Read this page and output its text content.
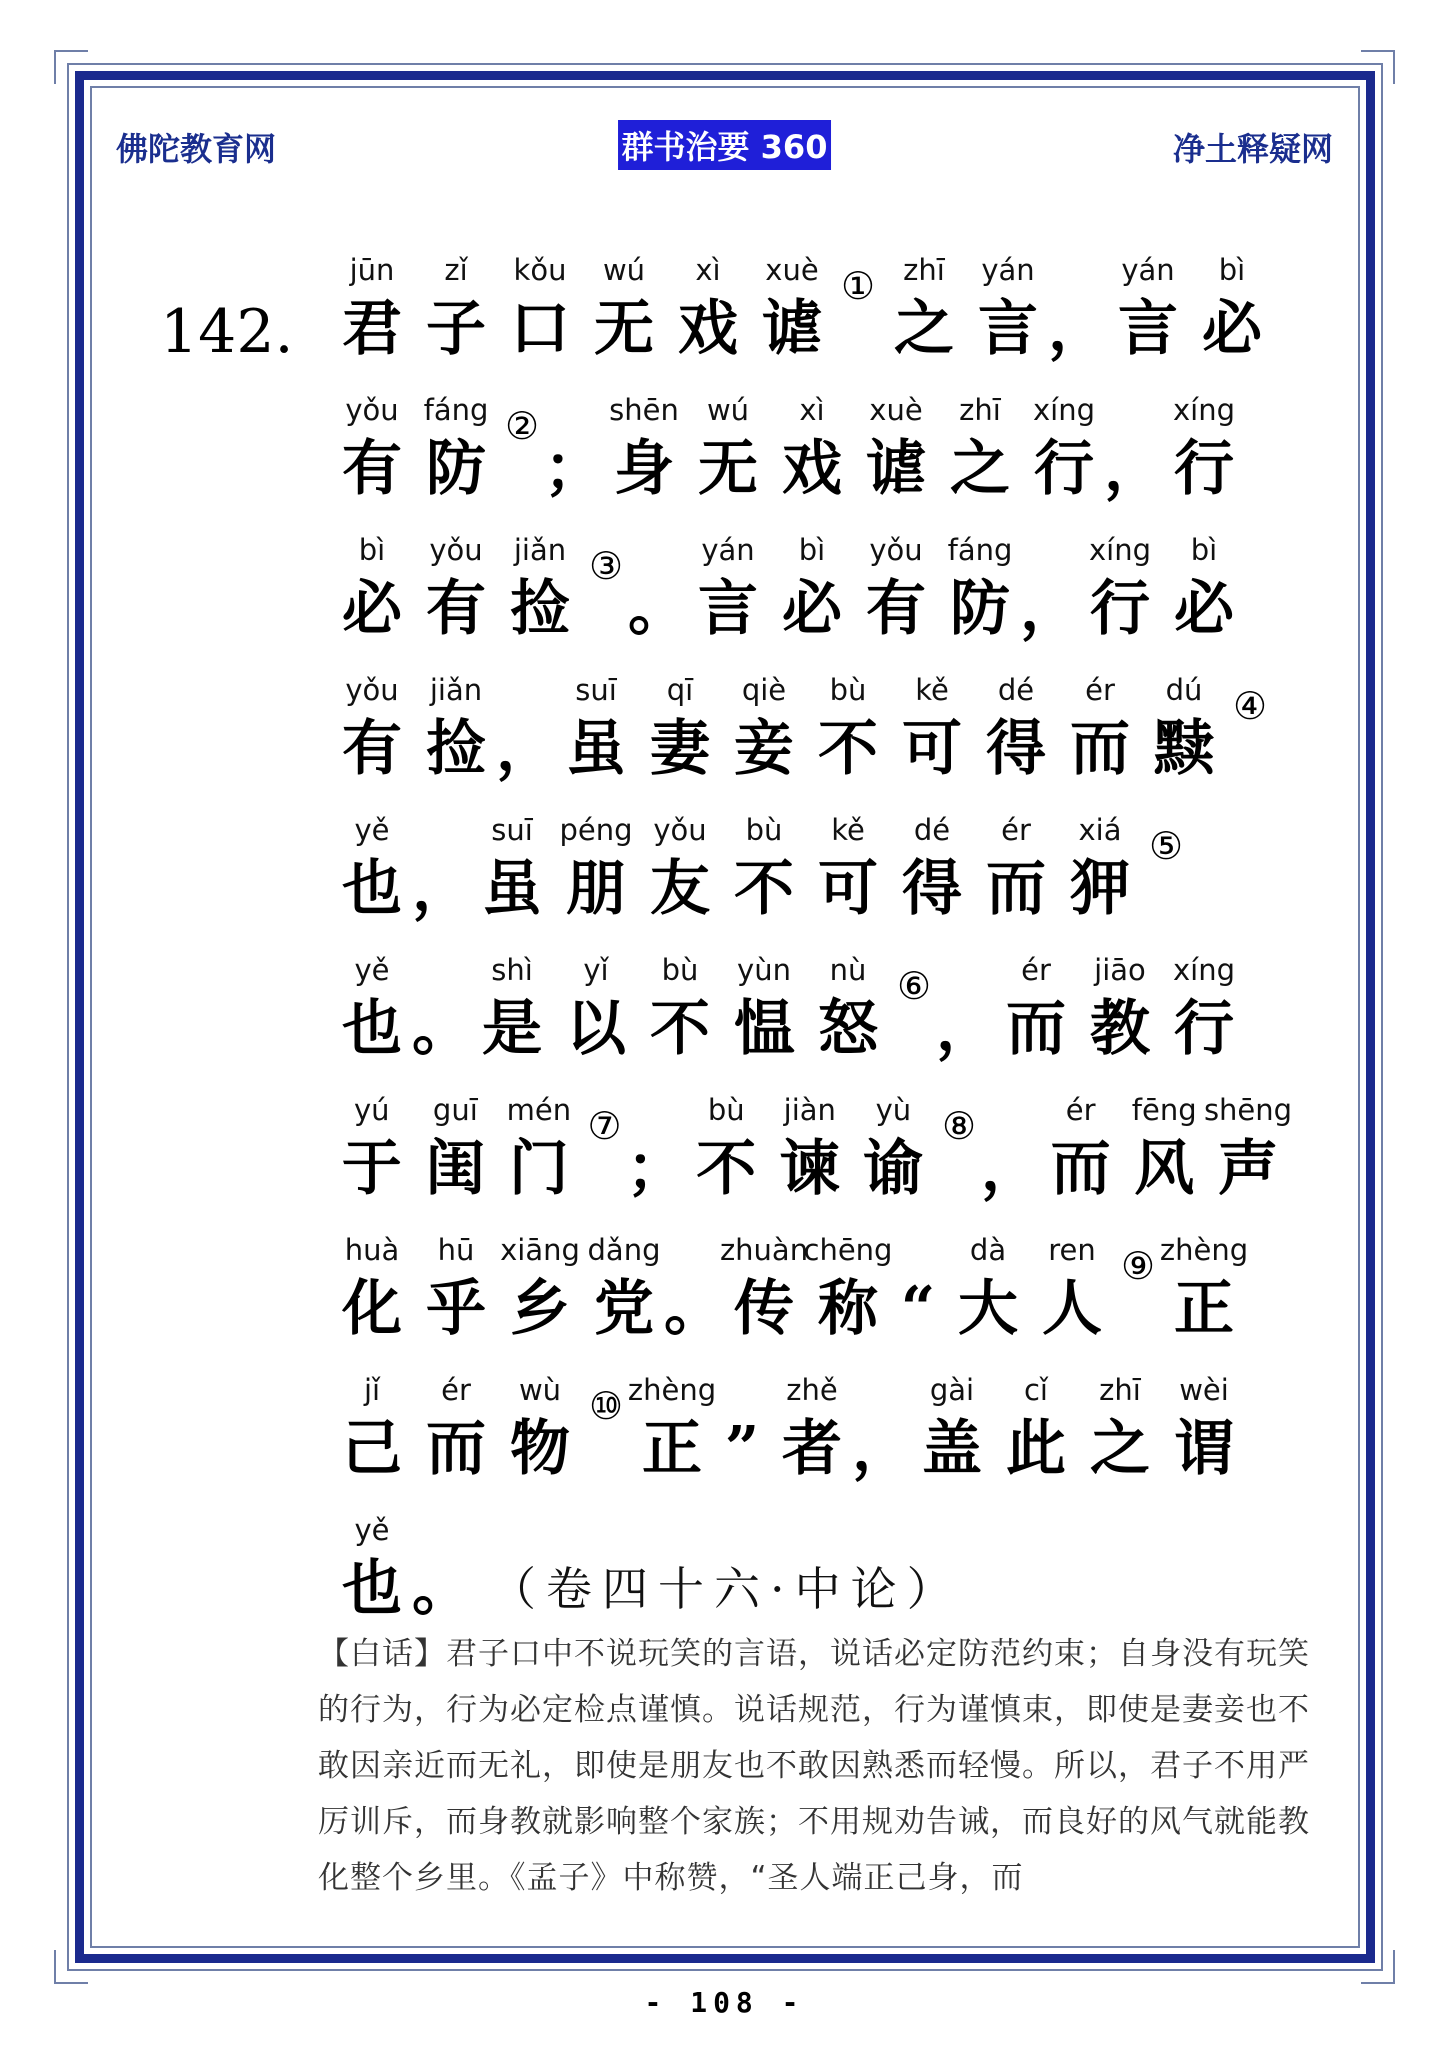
佛陀教育网	群书治要 360	净土释疑网
142.
jūn
君
zǐ
子
kǒu
口
wú
无
xì
戏
xuè
谑
① zhī
之
yán
言 ，
yán
言
bì
必
yǒu
有
fáng
防
②
；
shēn
身
wú
无
xì
戏
xuè
谑
zhī
之
xíng
行 ，
xíng
行
bì
必
yǒu
有
jiǎn
捡
③
。
yán
言
bì
必
yǒu
有
fáng
防 ，
xíng
行
bì
必
yǒu
有
jiǎn
捡 ，
suī
虽
qī
妻
qiè
妾
bù
不
kě
可
dé
得
ér
而
dú
黩
④
yě
也 ，
suī
虽
péng
朋
yǒu
友
bù
不
kě
可
dé
得
ér
而
xiá
狎
⑤
yě
也 。
shì
是
yǐ
以
bù
不
yùn
愠
nù
怒
⑥
，
ér
而
jiāo
教
xíng
行
yú
于
guī
闺
mén
门
⑦
；
bù
不
jiàn
谏
yù
谕
⑧
，
ér
而
fēng
风
shēng
声
huà
化
hū
乎
xiāng
乡
dǎng
党 。
zhuàn
传
chēng
称 “
dà
大
ren
人
⑨ zhèng
正
jǐ
己
ér
而
wù
物
⑩ zhèng
正 ”
zhě
者 ，
gài
盖
cǐ
此
zhī
之
wèi
谓
yě
也 。 （卷四十六·中论）
【白话】君子口中不说玩笑的言语，说话必定防范约束；自身没有玩笑的行为，行为必定检点谨慎。说话规范，行为谨慎束，即使是妻妾也不敢因亲近而无礼，即使是朋友也不敢因熟悉而轻慢。所以，君子不用严厉训斥，而身教就影响整个家族；不用规劝告诫，而良好的风气就能教化整个乡里。《孟子》中称赞，“圣人端正己身，而
- 108 -
